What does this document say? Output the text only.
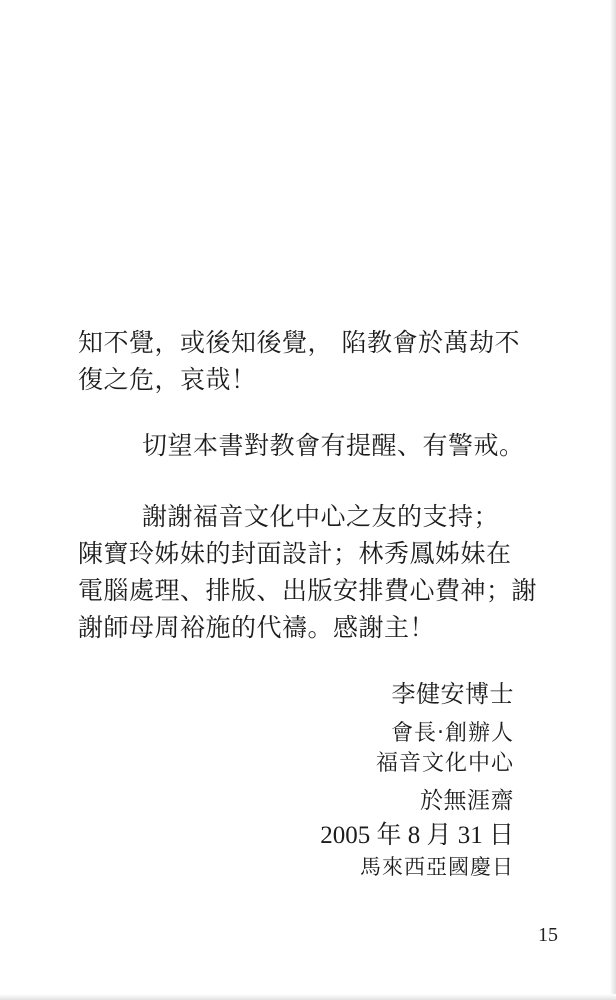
知不覺，或後知後覺， 陷教會於萬劫不
復之危，哀哉！
切望本書對教會有提醒、有警戒。
謝謝福音文化中心之友的支持；
陳寶玲姊妹的封面設計；林秀鳳姊妹在
電腦處理、排版、出版安排費心費神；謝
謝師母周裕施的代禱。感謝主！
李健安博士
會長‧創辦人
福音文化中心
於無涯齋
2005 年 8 月 31 日
馬來西亞國慶日
15
